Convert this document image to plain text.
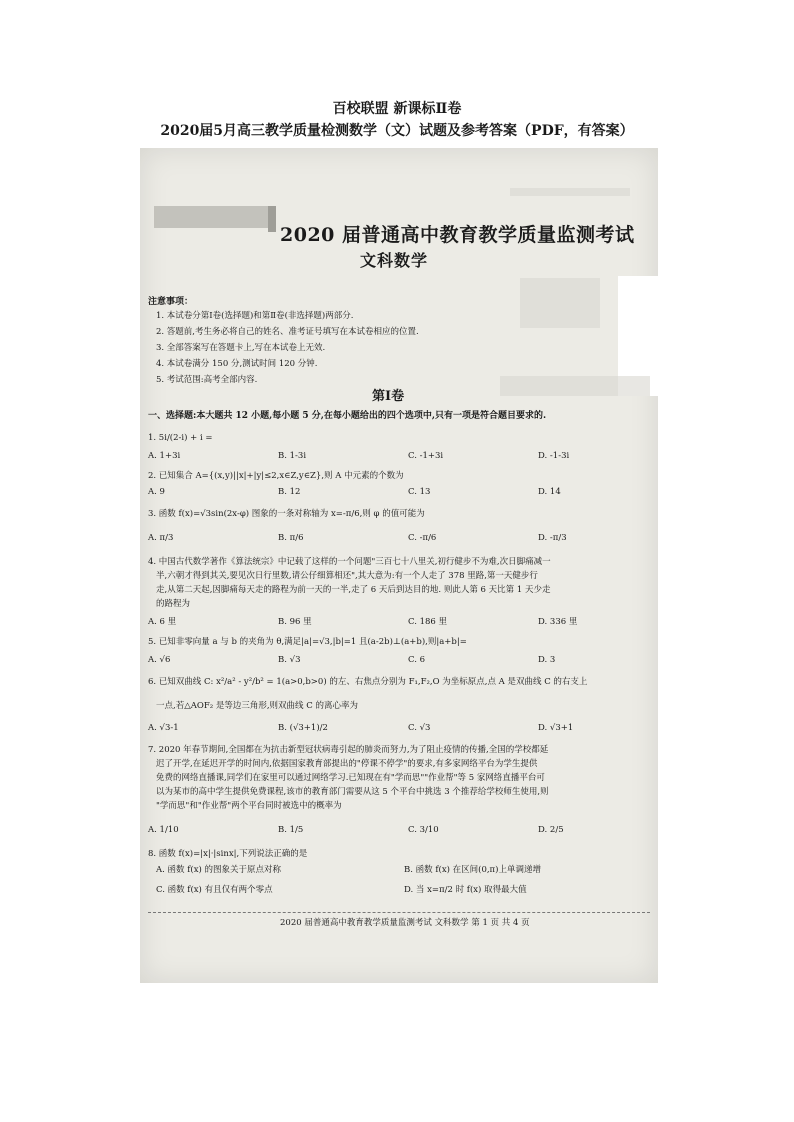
百校联盟 新课标Ⅱ卷
2020届5月高三教学质量检测数学（文）试题及参考答案（PDF，有答案）
2020 届普通高中教育教学质量监测考试
文科数学
注意事项：
1. 本试卷分第Ⅰ卷(选择题)和第Ⅱ卷(非选择题)两部分.
2. 答题前,考生务必将自己的姓名、准考证号填写在本试卷相应的位置.
3. 全部答案写在答题卡上,写在本试卷上无效.
4. 本试卷满分 150 分,测试时间 120 分钟.
5. 考试范围:高考全部内容.
第Ⅰ卷
一、选择题:本大题共 12 小题,每小题 5 分,在每小题给出的四个选项中,只有一项是符合题目要求的.
1. 5i/(2-i) + i =
A. 1+3i	B. 1-3i	C. -1+3i	D. -1-3i
2. 已知集合 A={(x,y)||x|+|y|≤2,x∈Z,y∈Z},则 A 中元素的个数为
A. 9	B. 12	C. 13	D. 14
3. 函数 f(x)=√3sin(2x-φ) 图象的一条对称轴为 x=-π/6,则 φ 的值可能为
A. π/3	B. π/6	C. -π/6	D. -π/3
4. 中国古代数学著作《算法统宗》中记载了这样的一个问题"三百七十八里关,初行健步不为难,次日脚痛减一
半,六朝才得到其关,要见次日行里数,请公仔细算相还",其大意为:有一个人走了 378 里路,第一天健步行
走,从第二天起,因脚痛每天走的路程为前一天的一半,走了 6 天后到达目的地. 则此人第 6 天比第 1 天少走
的路程为
A. 6 里	B. 96 里	C. 186 里	D. 336 里
5. 已知非零向量 a 与 b 的夹角为 θ,满足|a|=√3,|b|=1 且(a-2b)⊥(a+b),则|a+b|=
A. √6	B. √3	C. 6	D. 3
6. 已知双曲线 C: x²/a² - y²/b² = 1(a>0,b>0) 的左、右焦点分别为 F₁,F₂,O 为坐标原点,点 A 是双曲线 C 的右支上
一点,若△AOF₂ 是等边三角形,则双曲线 C 的离心率为
A. √3-1	B. (√3+1)/2	C. √3	D. √3+1
7. 2020 年春节期间,全国都在为抗击新型冠状病毒引起的肺炎而努力,为了阻止疫情的传播,全国的学校都延
迟了开学,在延迟开学的时间内,依据国家教育部提出的"停课不停学"的要求,有多家网络平台为学生提供
免费的网络直播课,同学们在家里可以通过网络学习.已知现在有"学而思""作业帮"等 5 家网络直播平台可
以为某市的高中学生提供免费课程,该市的教育部门需要从这 5 个平台中挑选 3 个推荐给学校师生使用,则
"学而思"和"作业帮"两个平台同时被选中的概率为
A. 1/10	B. 1/5	C. 3/10	D. 2/5
8. 函数 f(x)=|x|·|sinx|,下列说法正确的是
A. 函数 f(x) 的图象关于原点对称	B. 函数 f(x) 在区间(0,π)上单调递增
C. 函数 f(x) 有且仅有两个零点	D. 当 x=π/2 时 f(x) 取得最大值
2020 届普通高中教育教学质量监测考试 文科数学 第 1 页 共 4 页
